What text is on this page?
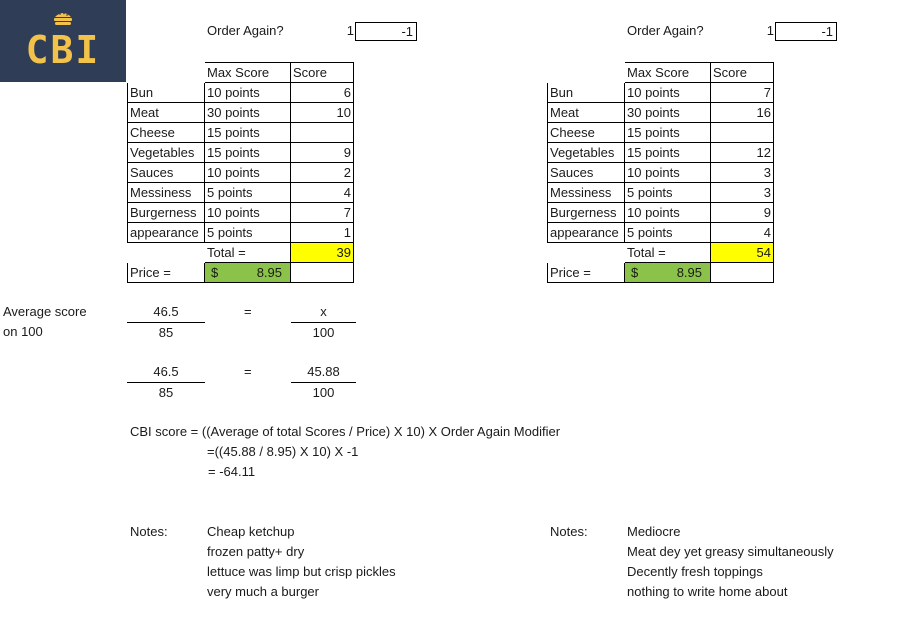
CBI	Order Again?	1	-1
	Max Score	Score
Bun	10 points	6
Meat	30 points	10
Cheese	15 points	
Vegetables	15 points	9
Sauces	10 points	2
Messiness	5 points	4
Burgerness	10 points	7
appearance	5 points	1
	Total =	39
Price =	$ 8.95	

Order Again?	1	-1
	Max Score	Score
Bun	10 points	7
Meat	30 points	16
Cheese	15 points	
Vegetables	15 points	12
Sauces	10 points	3
Messiness	5 points	3
Burgerness	10 points	9
appearance	5 points	4
	Total =	54
Price =	$ 8.95	

Average score
on 100	$\frac{46.5}{85}$	=	$\frac{x}{100}$
$\frac{46.5}{85}$	=	$\frac{45.88}{100}$
CBI score = ((Average of total Scores / Price) X 10) X Order Again Modifier
=((45.88 / 8.95) X 10) X -1
= -64.11
Notes:	Cheap ketchup
frozen patty+ dry
lettuce was limp but crisp pickles
very much a burger
Notes:	Mediocre
Meat dey yet greasy simultaneously
Decently fresh toppings
nothing to write home about
